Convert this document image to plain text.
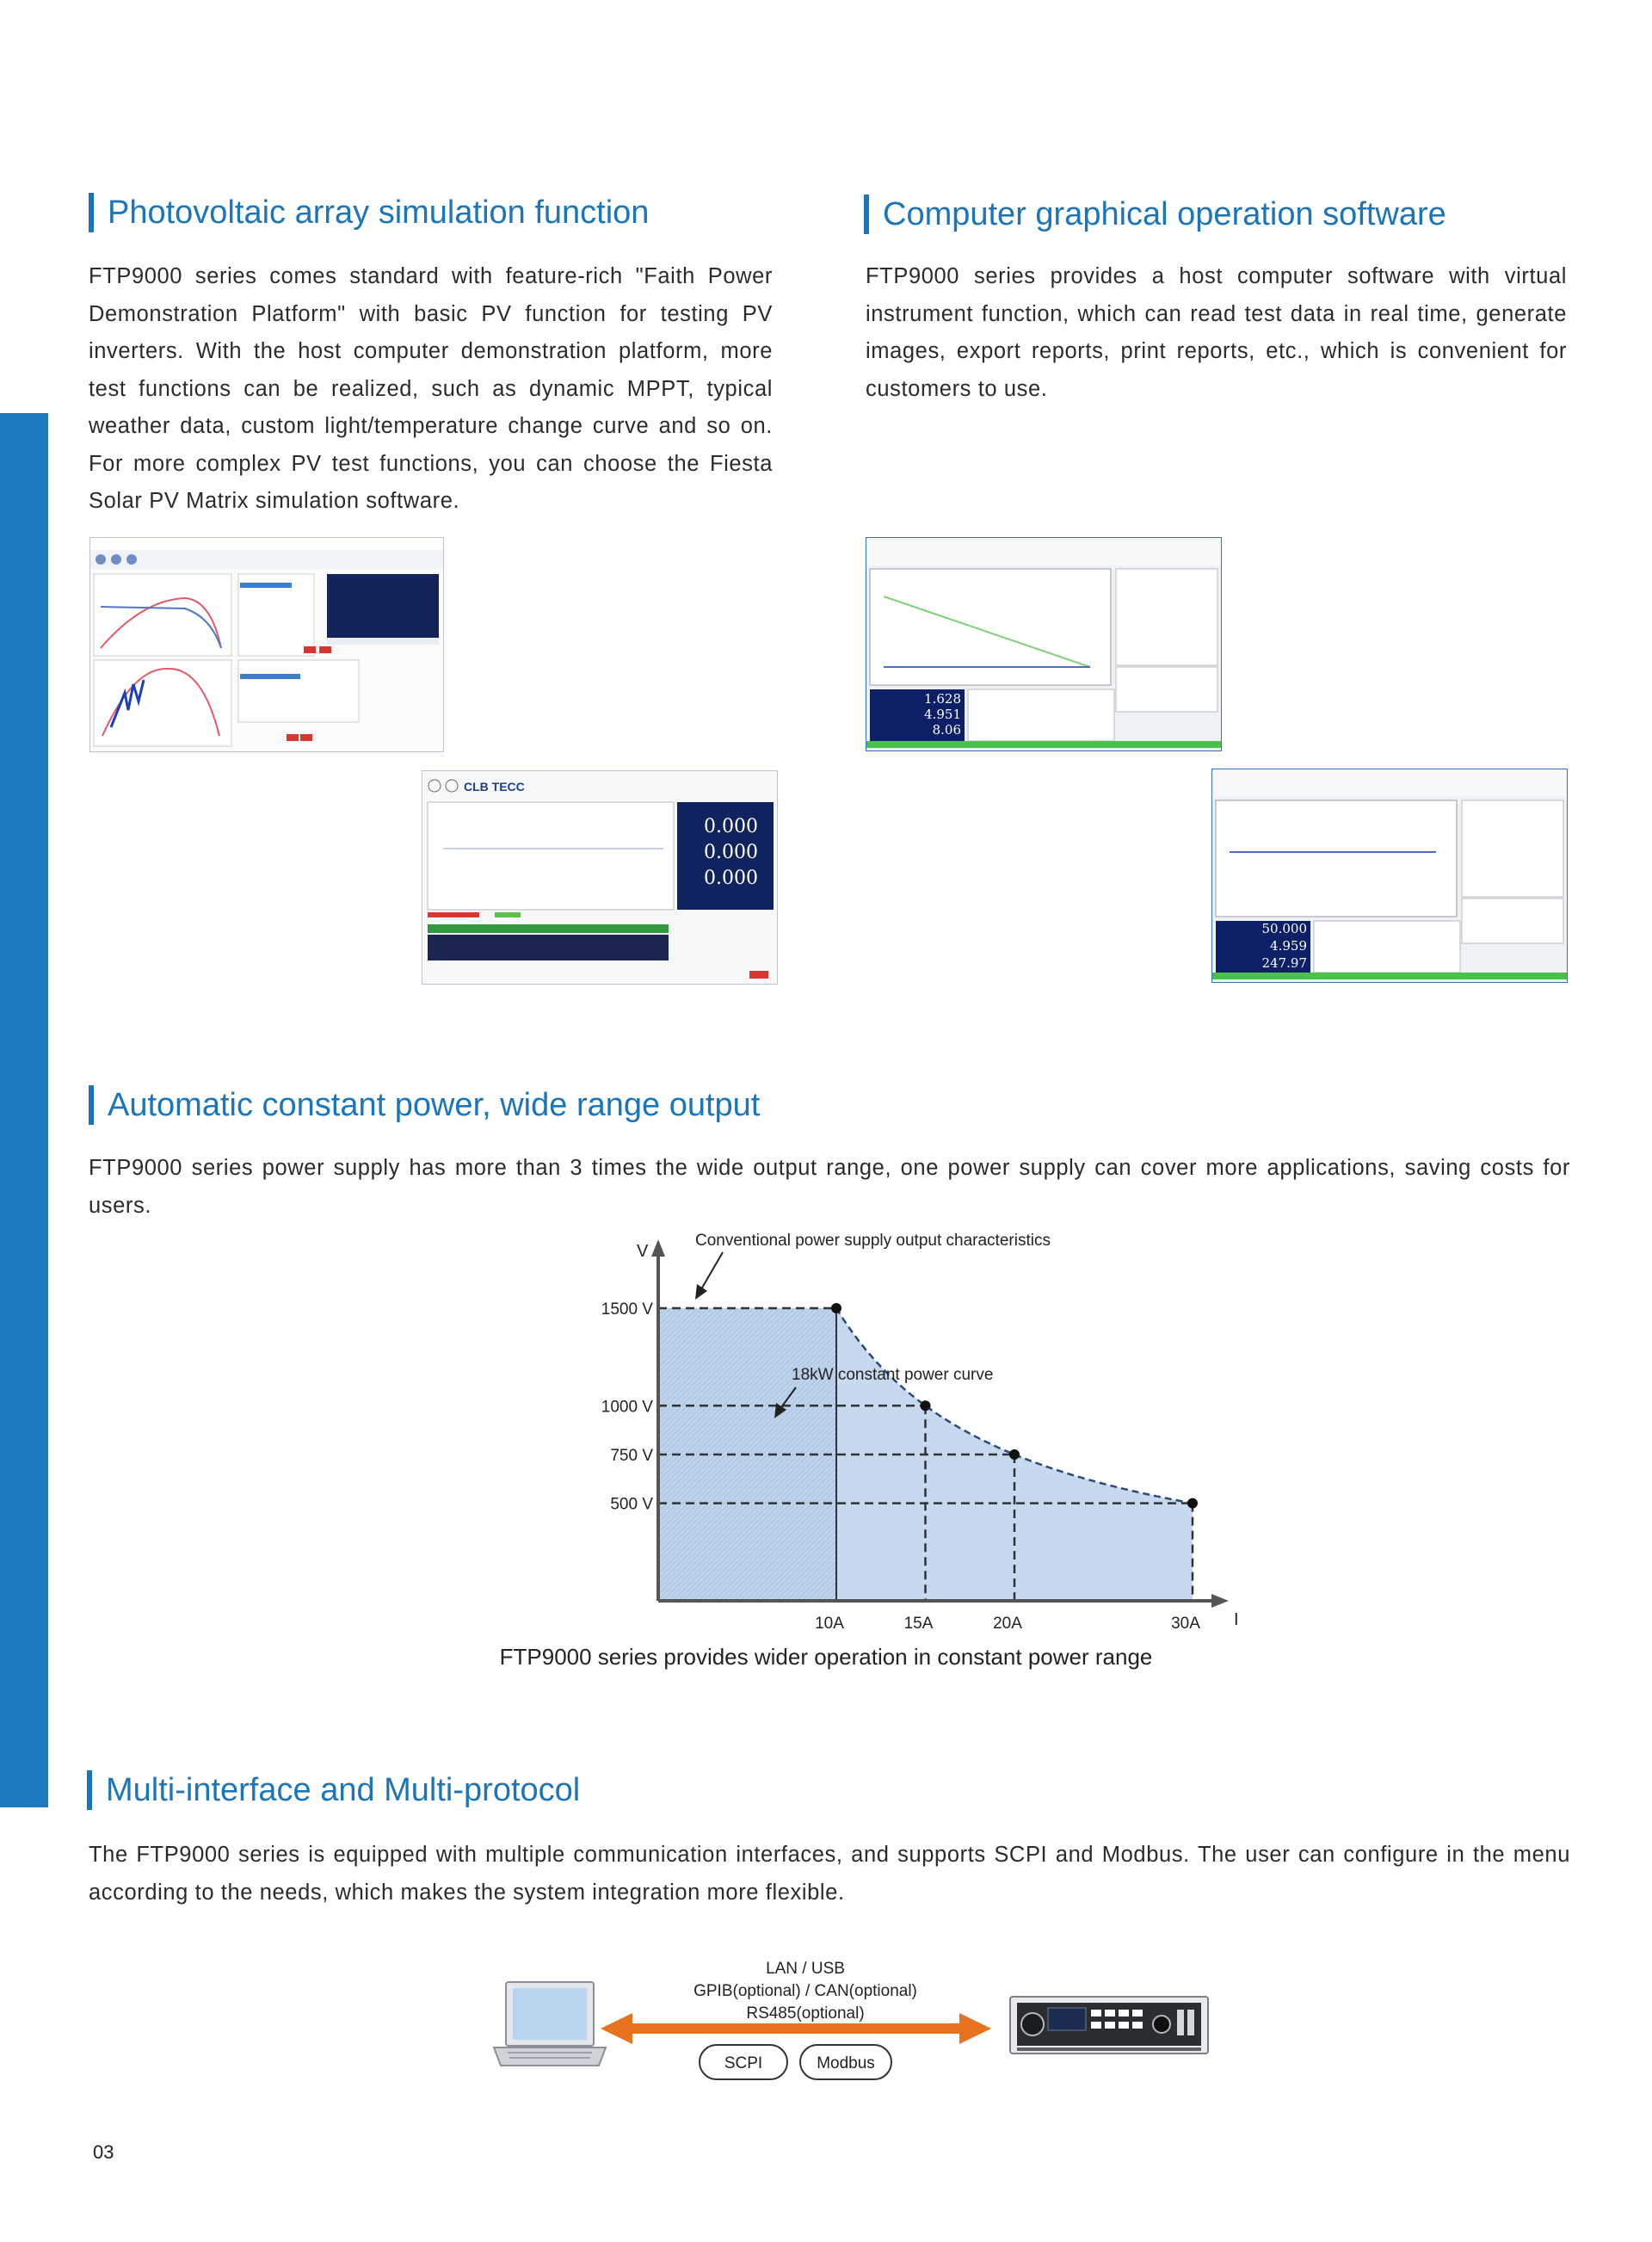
Photovoltaic array simulation function
FTP9000 series comes standard with feature-rich "Faith Power Demonstration Platform" with basic PV function for testing PV inverters. With the host computer demonstration platform, more test functions can be realized, such as dynamic MPPT, typical weather data, custom light/temperature change curve and so on. For more complex PV test functions, you can choose the Fiesta Solar PV Matrix simulation software.
Computer graphical operation software
FTP9000 series provides a host computer software with virtual instrument function, which can read test data in real time, generate images, export reports, print reports, etc., which is convenient for customers to use.
CLB TECC
0.000
0.000
0.000
1.628
4.951
8.06
50.000
4.959
247.97
Automatic constant power, wide range output
FTP9000 series power supply has more than 3 times the wide output range, one power supply can cover more applications, saving costs for users.
V
I
1500 V
1000 V
750 V
500 V
10A	15A	20A	30A
Conventional power supply output characteristics
18kW constant power curve
FTP9000 series provides wider operation in constant power range
Multi-interface and Multi-protocol
The FTP9000 series is equipped with multiple communication interfaces, and supports SCPI and Modbus. The user can configure in the menu according to the needs, which makes the system integration more flexible.
LAN / USB
GPIB(optional) / CAN(optional)
RS485(optional)
SCPI	Modbus
03
